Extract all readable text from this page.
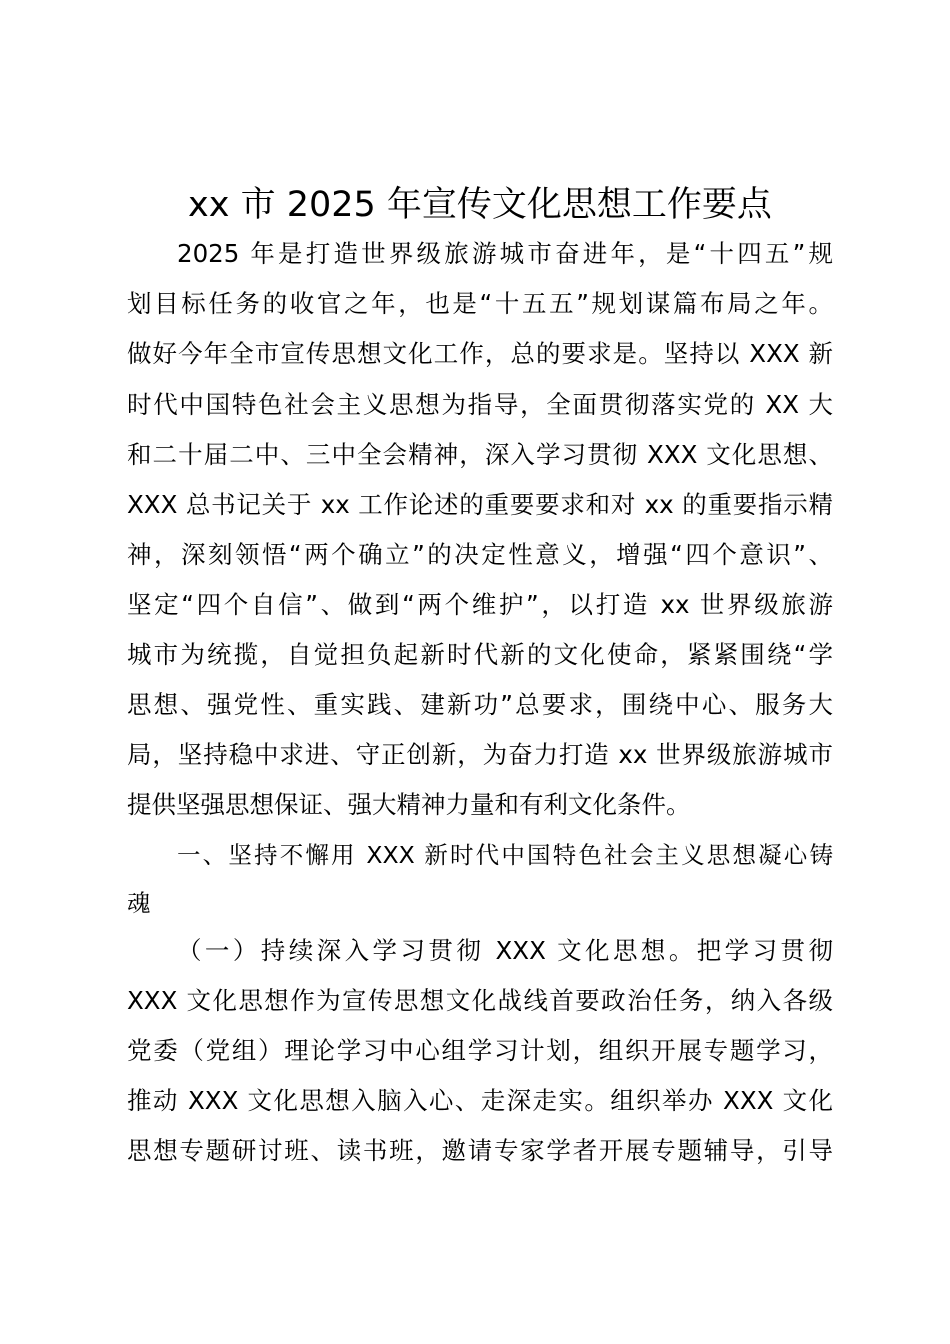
xx 市 2025 年宣传文化思想工作要点
2025 年是打造世界级旅游城市奋进年，是“十四五”规
划目标任务的收官之年，也是“十五五”规划谋篇布局之年。
做好今年全市宣传思想文化工作，总的要求是。坚持以 XXX 新
时代中国特色社会主义思想为指导，全面贯彻落实党的 XX 大
和二十届二中、三中全会精神，深入学习贯彻 XXX 文化思想、
XXX 总书记关于 xx 工作论述的重要要求和对 xx 的重要指示精
神，深刻领悟“两个确立”的决定性意义，增强“四个意识”、
坚定“四个自信”、做到“两个维护”，以打造 xx 世界级旅游
城市为统揽，自觉担负起新时代新的文化使命，紧紧围绕“学
思想、强党性、重实践、建新功”总要求，围绕中心、服务大
局，坚持稳中求进、守正创新，为奋力打造 xx 世界级旅游城市
提供坚强思想保证、强大精神力量和有利文化条件。
一、坚持不懈用 XXX 新时代中国特色社会主义思想凝心铸
魂
（一）持续深入学习贯彻 XXX 文化思想。把学习贯彻
XXX 文化思想作为宣传思想文化战线首要政治任务，纳入各级
党委（党组）理论学习中心组学习计划，组织开展专题学习，
推动 XXX 文化思想入脑入心、走深走实。组织举办 XXX 文化
思想专题研讨班、读书班，邀请专家学者开展专题辅导，引导
